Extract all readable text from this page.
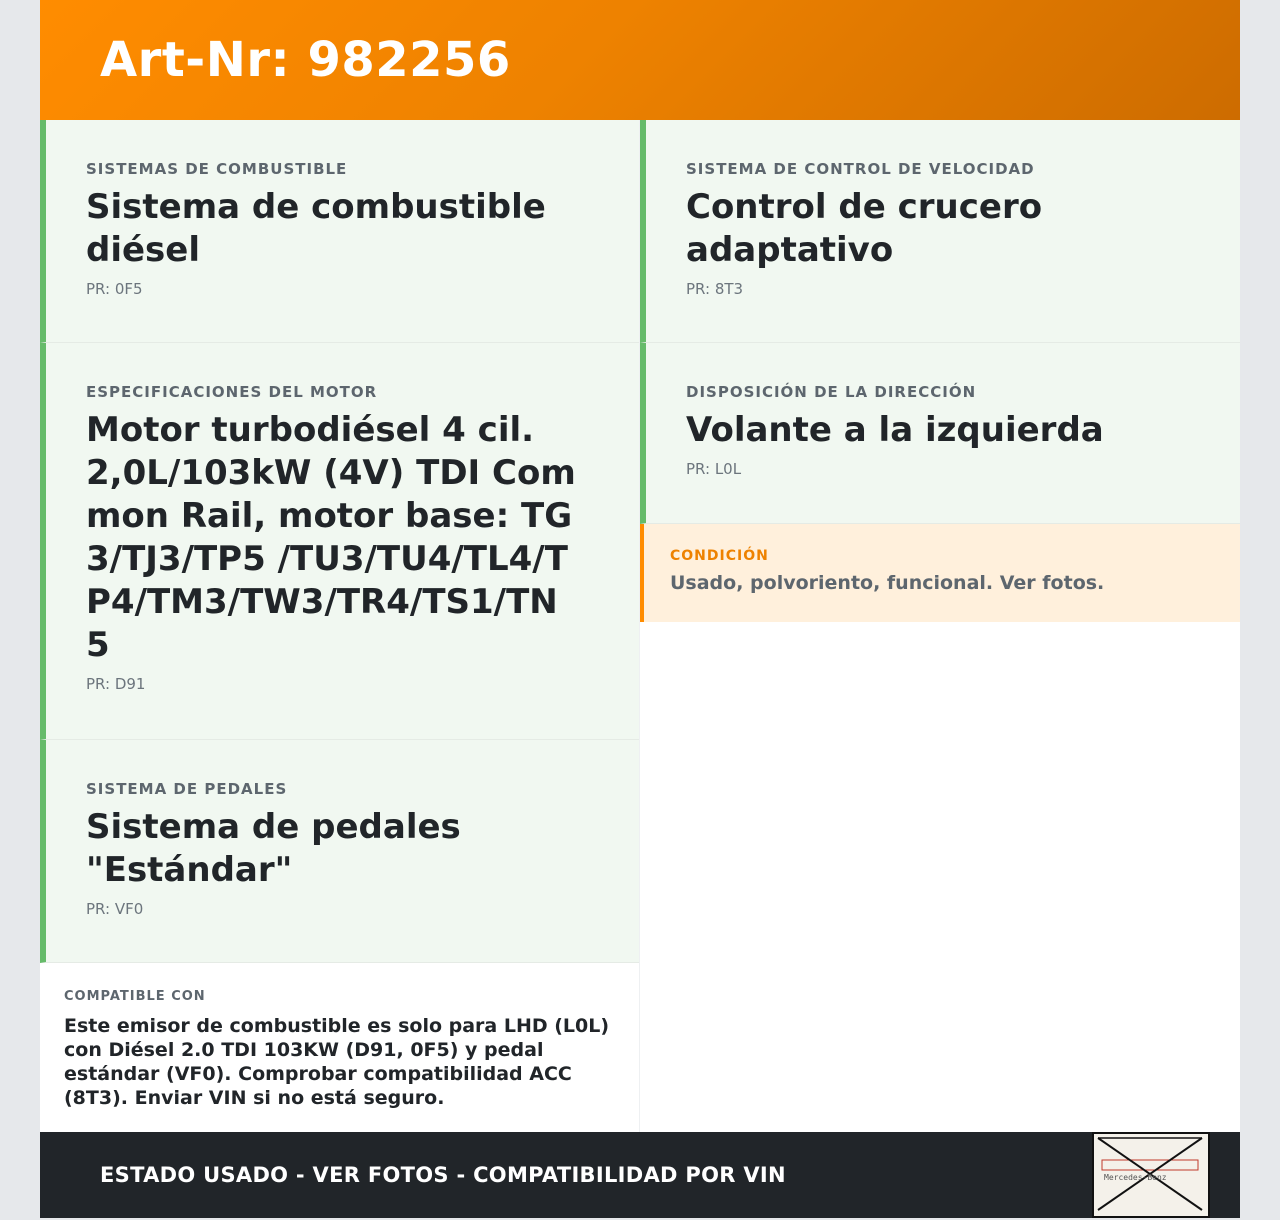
Art-Nr: 982256
SISTEMAS DE COMBUSTIBLE
Sistema de combustible diésel
PR: 0F5
ESPECIFICACIONES DEL MOTOR
Motor turbodiésel 4 cil. 2,0L/103kW (4V) TDI Common Rail, motor base: TG3/TJ3/TP5 /TU3/TU4/TL4/TP4/TM3/TW3/TR4/TS1/TN5
PR: D91
SISTEMA DE PEDALES
Sistema de pedales "Estándar"
PR: VF0
COMPATIBLE CON
Este emisor de combustible es solo para LHD (L0L) con Diésel 2.0 TDI 103KW (D91, 0F5) y pedal estándar (VF0). Comprobar compatibilidad ACC (8T3). Enviar VIN si no está seguro.
SISTEMA DE CONTROL DE VELOCIDAD
Control de crucero adaptativo
PR: 8T3
DISPOSICIÓN DE LA DIRECCIÓN
Volante a la izquierda
PR: L0L
CONDICIÓN
Usado, polvoriento, funcional. Ver fotos.
ESTADO USADO - VER FOTOS - COMPATIBILIDAD POR VIN	Mercedes-Benz
